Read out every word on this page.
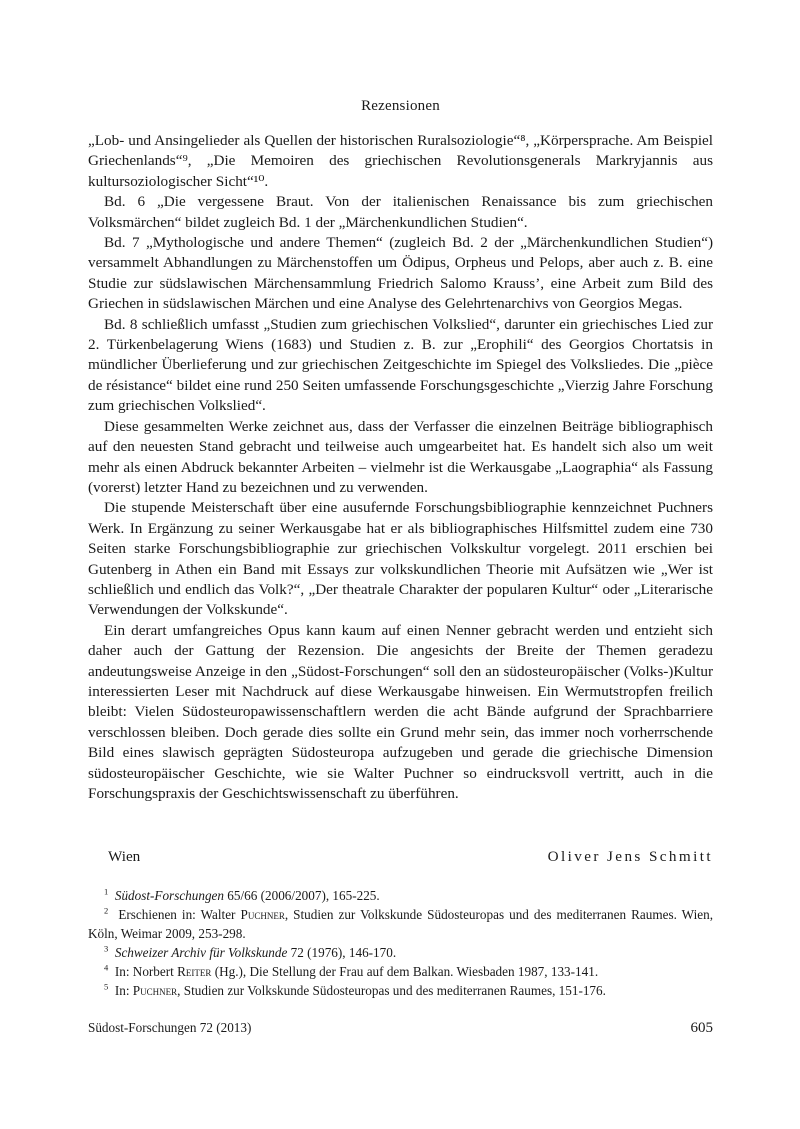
Rezensionen

„Lob- und Ansingelieder als Quellen der historischen Ruralsoziologie“⁸, „Körpersprache. Am Beispiel Griechenlands“⁹, „Die Memoiren des griechischen Revolutionsgenerals Markryjannis aus kultursoziologischer Sicht“¹⁰.

Bd. 6 „Die vergessene Braut. Von der italienischen Renaissance bis zum griechischen Volksmärchen“ bildet zugleich Bd. 1 der „Märchenkundlichen Studien“.

Bd. 7 „Mythologische und andere Themen“ (zugleich Bd. 2 der „Märchenkundlichen Studien“) versammelt Abhandlungen zu Märchenstoffen um Ödipus, Orpheus und Pelops, aber auch z. B. eine Studie zur südslawischen Märchensammlung Friedrich Salomo Krauss’, eine Arbeit zum Bild des Griechen in südslawischen Märchen und eine Analyse des Gelehrtenarchivs von Georgios Megas.

Bd. 8 schließlich umfasst „Studien zum griechischen Volkslied“, darunter ein griechisches Lied zur 2. Türkenbelagerung Wiens (1683) und Studien z. B. zur „Erophili“ des Georgios Chortatsis in mündlicher Überlieferung und zur griechischen Zeitgeschichte im Spiegel des Volksliedes. Die „pièce de résistance“ bildet eine rund 250 Seiten umfassende Forschungsgeschichte „Vierzig Jahre Forschung zum griechischen Volkslied“.

Diese gesammelten Werke zeichnet aus, dass der Verfasser die einzelnen Beiträge bibliographisch auf den neuesten Stand gebracht und teilweise auch umgearbeitet hat. Es handelt sich also um weit mehr als einen Abdruck bekannter Arbeiten – vielmehr ist die Werkausgabe „Laographia“ als Fassung (vorerst) letzter Hand zu bezeichnen und zu verwenden.

Die stupende Meisterschaft über eine ausufernde Forschungsbibliographie kennzeichnet Puchners Werk. In Ergänzung zu seiner Werkausgabe hat er als bibliographisches Hilfsmittel zudem eine 730 Seiten starke Forschungsbibliographie zur griechischen Volkskultur vorgelegt. 2011 erschien bei Gutenberg in Athen ein Band mit Essays zur volkskundlichen Theorie mit Aufsätzen wie „Wer ist schließlich und endlich das Volk?“, „Der theatrale Charakter der popularen Kultur“ oder „Literarische Verwendungen der Volkskunde“.

Ein derart umfangreiches Opus kann kaum auf einen Nenner gebracht werden und entzieht sich daher auch der Gattung der Rezension. Die angesichts der Breite der Themen geradezu andeutungsweise Anzeige in den „Südost-Forschungen“ soll den an südosteuropäischer (Volks-)Kultur interessierten Leser mit Nachdruck auf diese Werkausgabe hinweisen. Ein Wermutstropfen freilich bleibt: Vielen Südosteuropawissenschaftlern werden die acht Bände aufgrund der Sprachbarriere verschlossen bleiben. Doch gerade dies sollte ein Grund mehr sein, das immer noch vorherrschende Bild eines slawisch geprägten Südosteuropa aufzugeben und gerade die griechische Dimension südosteuropäischer Geschichte, wie sie Walter Puchner so eindrucksvoll vertritt, auch in die Forschungspraxis der Geschichtswissenschaft zu überführen.

Wien	Oliver Jens Schmitt

$^1$ Südost-Forschungen 65/66 (2006/2007), 165-225.

$^2$ Erschienen in: Walter Puchner, Studien zur Volkskunde Südosteuropas und des mediterranen Raumes. Wien, Köln, Weimar 2009, 253-298.

$^3$ Schweizer Archiv für Volkskunde 72 (1976), 146-170.

$^4$ In: Norbert Reiter (Hg.), Die Stellung der Frau auf dem Balkan. Wiesbaden 1987, 133-141.

$^5$ In: Puchner, Studien zur Volkskunde Südosteuropas und des mediterranen Raumes, 151-176.

Südost-Forschungen 72 (2013)	605
